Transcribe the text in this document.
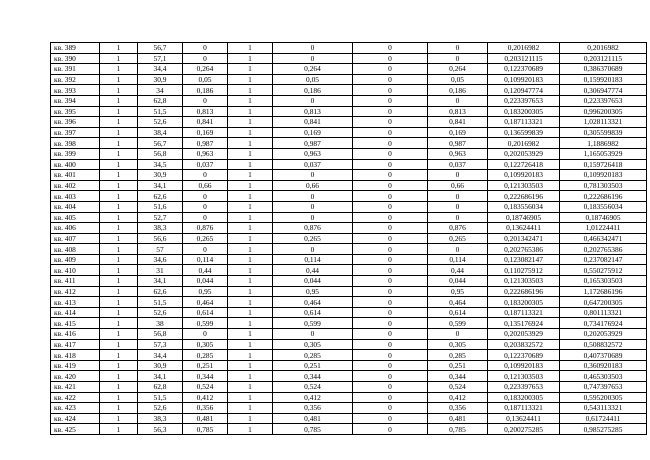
кв. 389	1	56,7	0	1	0	0	0	0,2016982	0,2016982
кв. 390	1	57,1	0	1	0	0	0	0,203121115	0,203121115
кв. 391	1	34,4	0,264	1	0,264	0	0,264	0,122370689	0,386370689
кв. 392	1	30,9	0,05	1	0,05	0	0,05	0,109920183	0,159920183
кв. 393	1	34	0,186	1	0,186	0	0,186	0,120947774	0,306947774
кв. 394	1	62,8	0	1	0	0	0	0,223397653	0,223397653
кв. 395	1	51,5	0,813	1	0,813	0	0,813	0,183200305	0,996200305
кв. 396	1	52,6	0,841	1	0,841	0	0,841	0,187113321	1,028113321
кв. 397	1	38,4	0,169	1	0,169	0	0,169	0,136599839	0,305599839
кв. 398	1	56,7	0,987	1	0,987	0	0,987	0,2016982	1,1886982
кв. 399	1	56,8	0,963	1	0,963	0	0,963	0,202053929	1,165053929
кв. 400	1	34,5	0,037	1	0,037	0	0,037	0,122726418	0,159726418
кв. 401	1	30,9	0	1	0	0	0	0,109920183	0,109920183
кв. 402	1	34,1	0,66	1	0,66	0	0,66	0,121303503	0,781303503
кв. 403	1	62,6	0	1	0	0	0	0,222686196	0,222686196
кв. 404	1	51,6	0	1	0	0	0	0,183556034	0,183556034
кв. 405	1	52,7	0	1	0	0	0	0,18746905	0,18746905
кв. 406	1	38,3	0,876	1	0,876	0	0,876	0,13624411	1,01224411
кв. 407	1	56,6	0,265	1	0,265	0	0,265	0,201342471	0,466342471
кв. 408	1	57	0	1	0	0	0	0,202765386	0,202765386
кв. 409	1	34,6	0,114	1	0,114	0	0,114	0,123082147	0,237082147
кв. 410	1	31	0,44	1	0,44	0	0,44	0,110275912	0,550275912
кв. 411	1	34,1	0,044	1	0,044	0	0,044	0,121303503	0,165303503
кв. 412	1	62,6	0,95	1	0,95	0	0,95	0,222686196	1,172686196
кв. 413	1	51,5	0,464	1	0,464	0	0,464	0,183200305	0,647200305
кв. 414	1	52,6	0,614	1	0,614	0	0,614	0,187113321	0,801113321
кв. 415	1	38	0,599	1	0,599	0	0,599	0,135176924	0,734176924
кв. 416	1	56,8	0	1	0	0	0	0,202053929	0,202053929
кв. 417	1	57,3	0,305	1	0,305	0	0,305	0,203832572	0,508832572
кв. 418	1	34,4	0,285	1	0,285	0	0,285	0,122370689	0,407370689
кв. 419	1	30,9	0,251	1	0,251	0	0,251	0,109920183	0,360920183
кв. 420	1	34,1	0,344	1	0,344	0	0,344	0,121303503	0,465303503
кв. 421	1	62,8	0,524	1	0,524	0	0,524	0,223397653	0,747397653
кв. 422	1	51,5	0,412	1	0,412	0	0,412	0,183200305	0,595200305
кв. 423	1	52,6	0,356	1	0,356	0	0,356	0,187113321	0,543113321
кв. 424	1	38,3	0,481	1	0,481	0	0,481	0,13624411	0,61724411
кв. 425	1	56,3	0,785	1	0,785	0	0,785	0,200275285	0,985275285
